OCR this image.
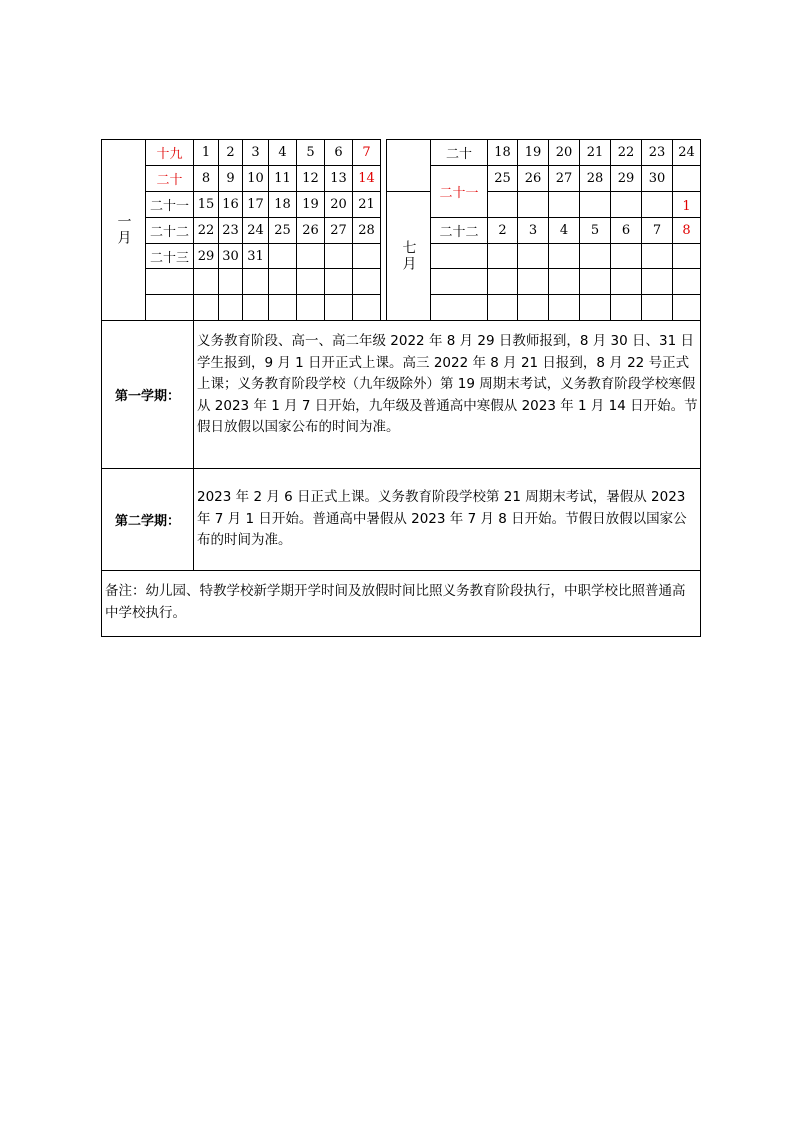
一月
十九 1 2 3 4 5 6 7
二十 8 9 10 11 12 13 14
二十一 15 16 17 18 19 20 21
二十二 22 23 24 25 26 27 28
二十三 29 30 31	七月
二十
二十一
二十二
18 19 20 21 22 23 24
25 26 27 28 29 30
1
2 3 4 5 6 7 8
第一学期：
义务教育阶段、高一、高二年级 2022 年 8 月 29 日教师报到，8 月 30 日、31 日学生报到，9 月 1 日开正式上课。高三 2022 年 8 月 21 日报到，8 月 22 号正式上课；义务教育阶段学校（九年级除外）第 19 周期末考试，义务教育阶段学校寒假从 2023 年 1 月 7 日开始，九年级及普通高中寒假从 2023 年 1 月 14 日开始。节假日放假以国家公布的时间为准。
第二学期：
2023 年 2 月 6 日正式上课。义务教育阶段学校第 21 周期末考试，暑假从 2023 年 7 月 1 日开始。普通高中暑假从 2023 年 7 月 8 日开始。节假日放假以国家公布的时间为准。
备注：幼儿园、特教学校新学期开学时间及放假时间比照义务教育阶段执行，中职学校比照普通高中学校执行。
